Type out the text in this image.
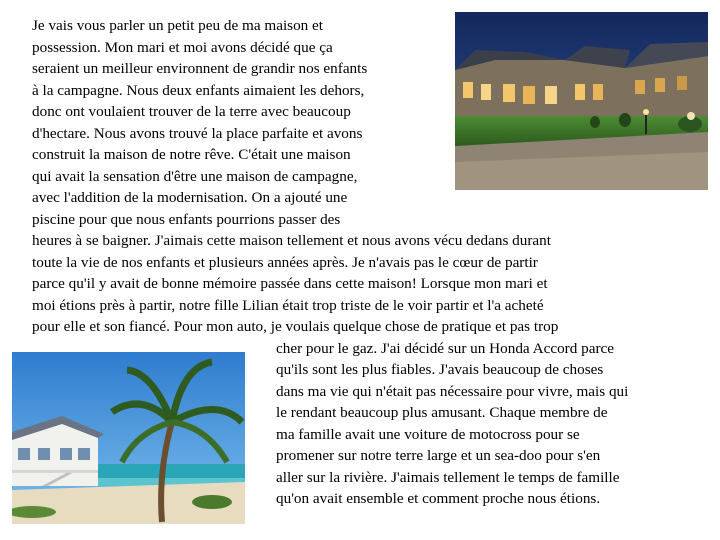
Je vais vous parler un petit peu de ma maison et
possession. Mon mari et moi avons décidé que ça
seraient un meilleur environnent de grandir nos enfants
à la campagne. Nous deux enfants aimaient les dehors,
donc ont voulaient trouver de la terre avec beaucoup
d'hectare. Nous avons trouvé la place parfaite et avons
construit la maison de notre rêve. C'était une maison
qui avait la sensation d'être une maison de campagne,
avec l'addition de la modernisation. On a ajouté une
piscine pour que nous enfants pourrions passer des
heures à se baigner. J'aimais cette maison tellement et nous avons vécu dedans durant
toute la vie de nos enfants et plusieurs années après. Je n'avais pas le cœur de partir
parce qu'il y avait de bonne mémoire passée dans cette maison! Lorsque mon mari et
moi étions près à partir, notre fille Lilian était trop triste de le voir partir et l'a acheté
pour elle et son fiancé. Pour mon auto, je voulais quelque chose de pratique et pas trop
cher pour le gaz. J'ai décidé sur un Honda Accord parce
qu'ils sont les plus fiables. J'avais beaucoup de choses
dans ma vie qui n'était pas nécessaire pour vivre, mais qui
le rendant beaucoup plus amusant. Chaque membre de
ma famille avait une voiture de motocross pour se
promener sur notre terre large et un sea-doo pour s'en
aller sur la rivière. J'aimais tellement le temps de famille
qu'on avait ensemble et comment proche nous étions.
